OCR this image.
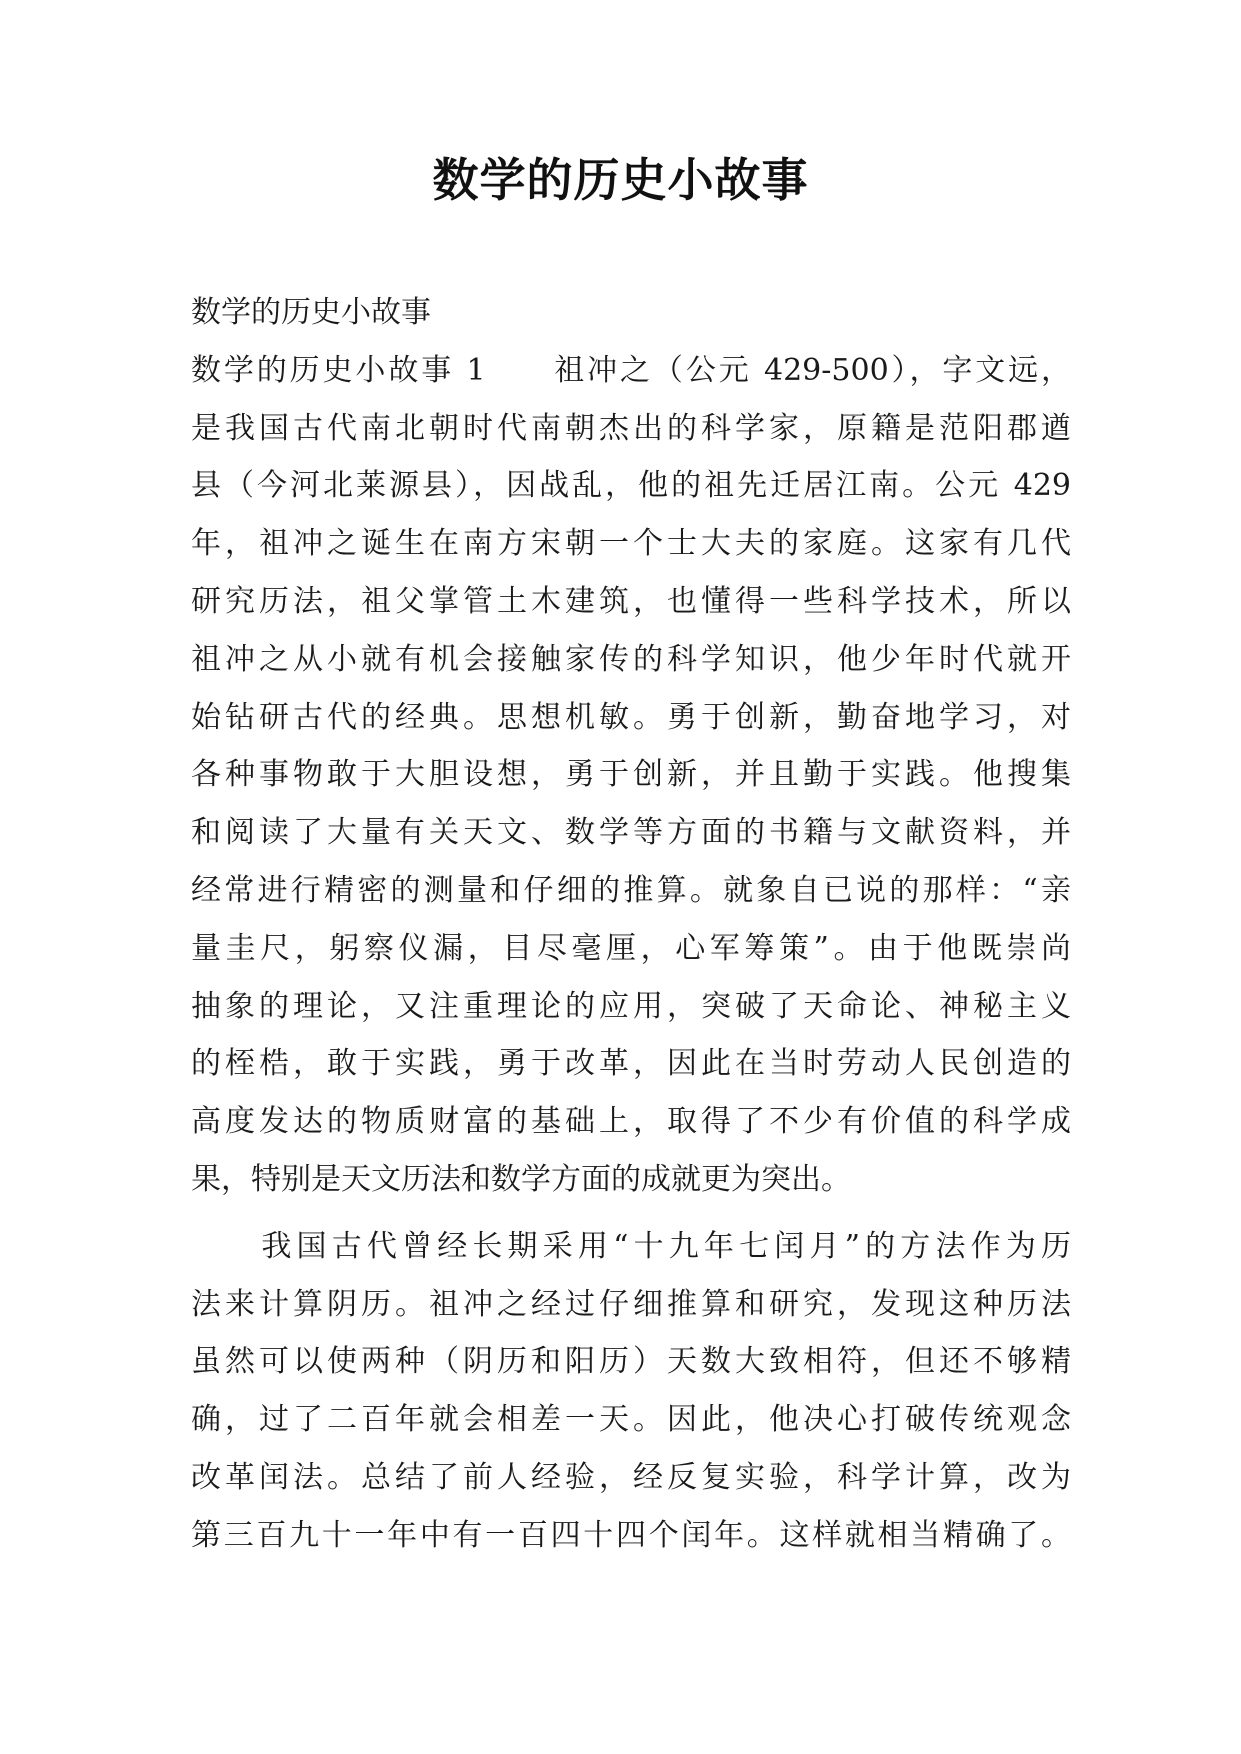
数学的历史小故事
数学的历史小故事
数学的历史小故事 1　　祖冲之（公元 429-500），字文远，
是我国古代南北朝时代南朝杰出的科学家，原籍是范阳郡遒
县（今河北莱源县），因战乱，他的祖先迁居江南。公元 429
年，祖冲之诞生在南方宋朝一个士大夫的家庭。这家有几代
研究历法，祖父掌管土木建筑，也懂得一些科学技术，所以
祖冲之从小就有机会接触家传的科学知识，他少年时代就开
始钻研古代的经典。思想机敏。勇于创新，勤奋地学习，对
各种事物敢于大胆设想，勇于创新，并且勤于实践。他搜集
和阅读了大量有关天文、数学等方面的书籍与文献资料，并
经常进行精密的测量和仔细的推算。就象自已说的那样：“亲
量圭尺，躬察仪漏，目尽毫厘，心军筹策”。由于他既崇尚
抽象的理论，又注重理论的应用，突破了天命论、神秘主义
的桎梏，敢于实践，勇于改革，因此在当时劳动人民创造的
高度发达的物质财富的基础上，取得了不少有价值的科学成
果，特别是天文历法和数学方面的成就更为突出。
　　我国古代曾经长期采用“十九年七闰月”的方法作为历
法来计算阴历。祖冲之经过仔细推算和研究，发现这种历法
虽然可以使两种（阴历和阳历）天数大致相符，但还不够精
确，过了二百年就会相差一天。因此，他决心打破传统观念
改革闰法。总结了前人经验，经反复实验，科学计算，改为
第三百九十一年中有一百四十四个闰年。这样就相当精确了。
